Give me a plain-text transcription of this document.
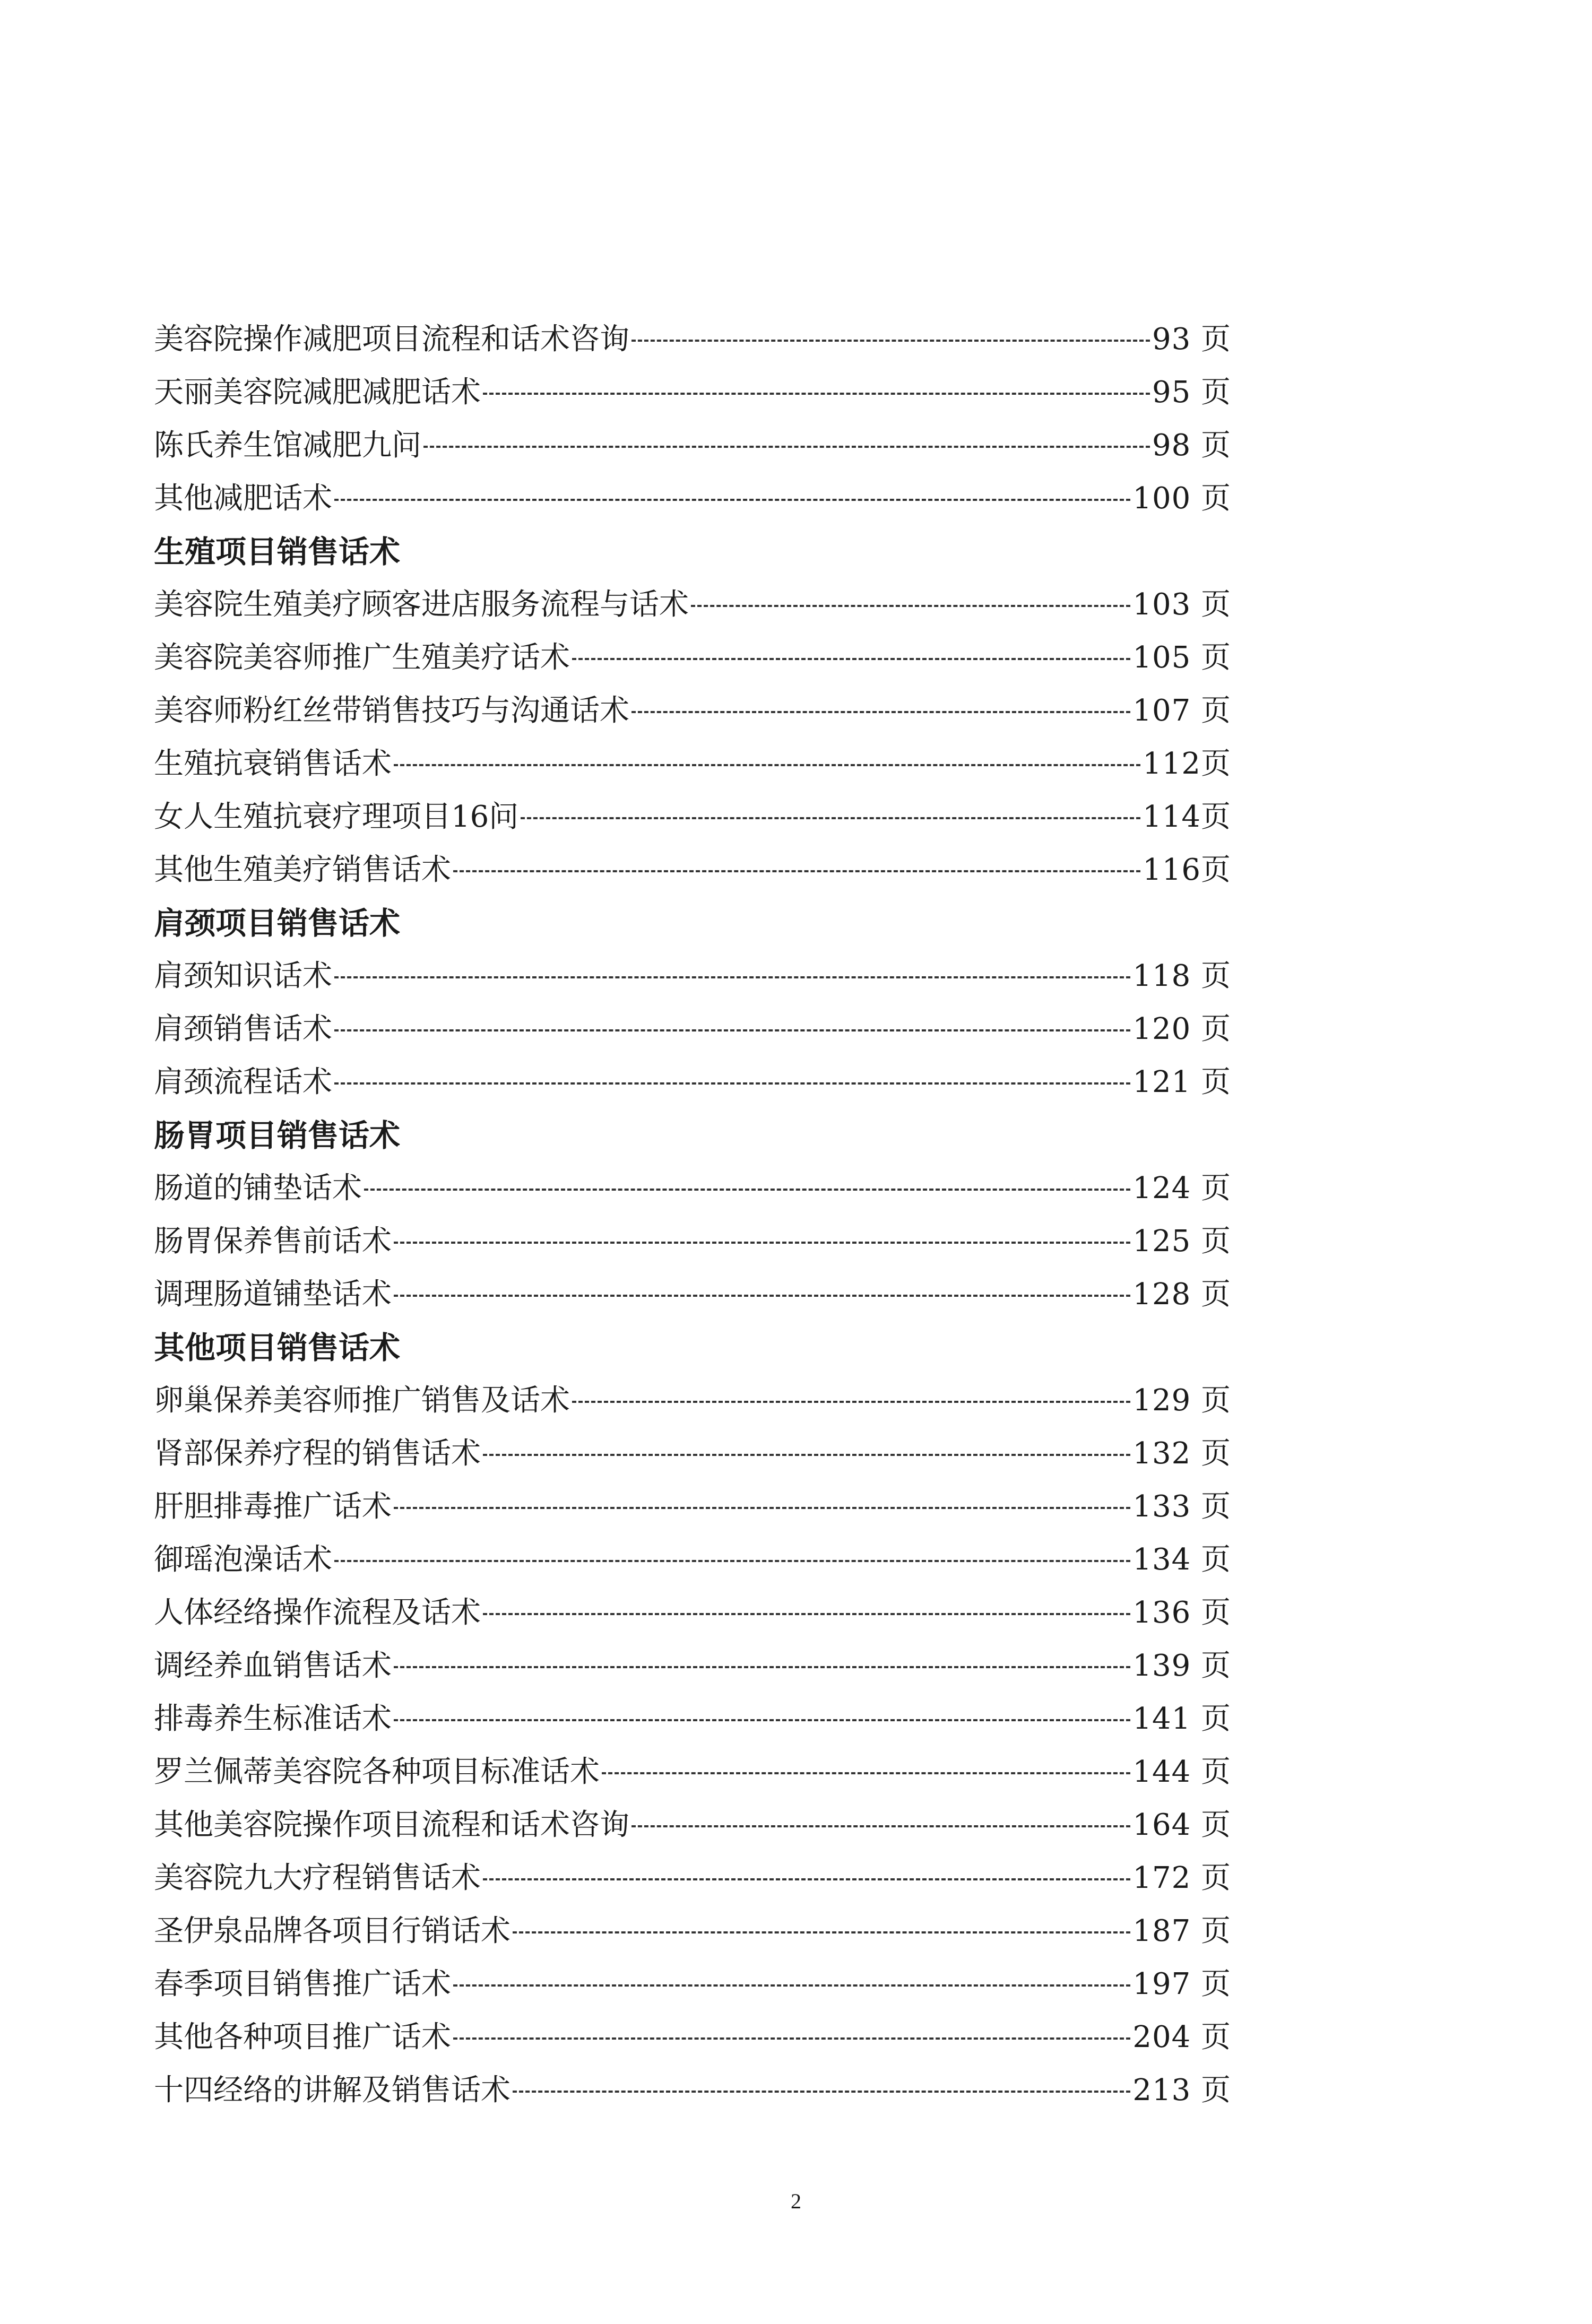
美容院操作减肥项目流程和话术咨询	93 页
天丽美容院减肥减肥话术	95 页
陈氏养生馆减肥九问	98 页
其他减肥话术	100 页
生殖项目销售话术
美容院生殖美疗顾客进店服务流程与话术	103 页
美容院美容师推广生殖美疗话术	105 页
美容师粉红丝带销售技巧与沟通话术	107 页
生殖抗衰销售话术	112页
女人生殖抗衰疗理项目16问	114页
其他生殖美疗销售话术	116页
肩颈项目销售话术
肩颈知识话术	118 页
肩颈销售话术	120 页
肩颈流程话术	121 页
肠胃项目销售话术
肠道的铺垫话术	124 页
肠胃保养售前话术	125 页
调理肠道铺垫话术	128 页
其他项目销售话术
卵巢保养美容师推广销售及话术	129 页
肾部保养疗程的销售话术	132 页
肝胆排毒推广话术	133 页
御瑶泡澡话术	134 页
人体经络操作流程及话术	136 页
调经养血销售话术	139 页
排毒养生标准话术	141 页
罗兰佩蒂美容院各种项目标准话术	144 页
其他美容院操作项目流程和话术咨询	164 页
美容院九大疗程销售话术	172 页
圣伊泉品牌各项目行销话术	187 页
春季项目销售推广话术	197 页
其他各种项目推广话术	204 页
十四经络的讲解及销售话术	213 页
2
